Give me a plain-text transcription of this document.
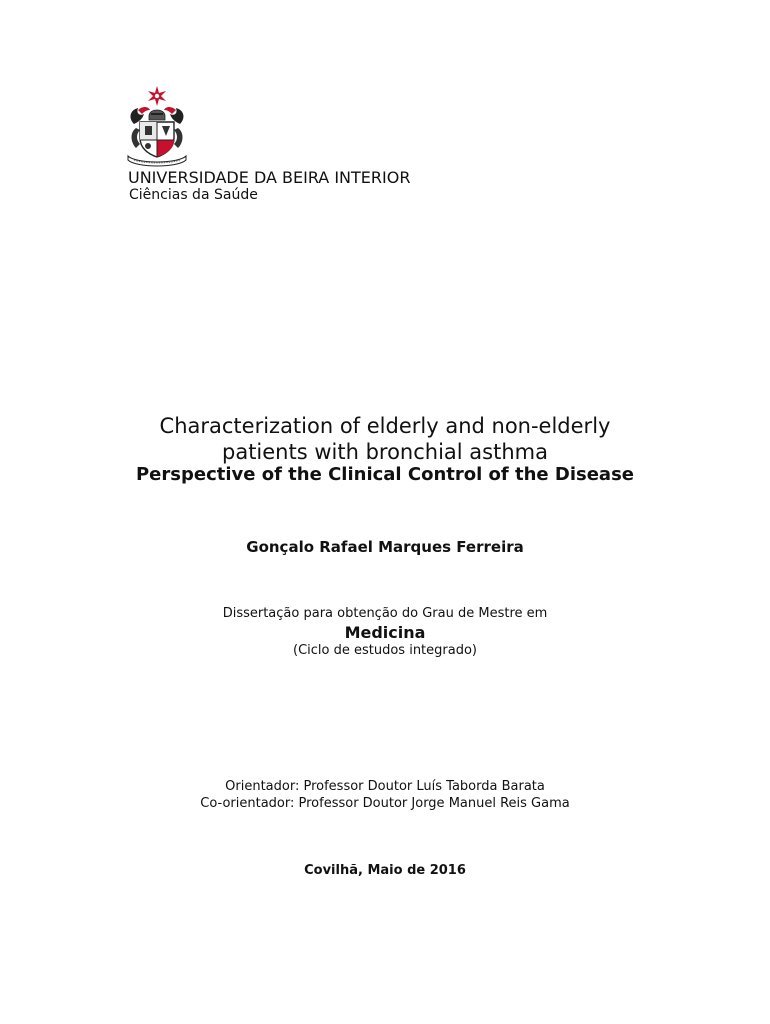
UNIVERSIDADE DA BEIRA INTERIOR
Ciências da Saúde
Characterization of elderly and non-elderly
patients with bronchial asthma
Perspective of the Clinical Control of the Disease
Gonçalo Rafael Marques Ferreira
Dissertação para obtenção do Grau de Mestre em
Medicina
(Ciclo de estudos integrado)
Orientador: Professor Doutor Luís Taborda Barata
Co-orientador: Professor Doutor Jorge Manuel Reis Gama
Covilhã, Maio de 2016
